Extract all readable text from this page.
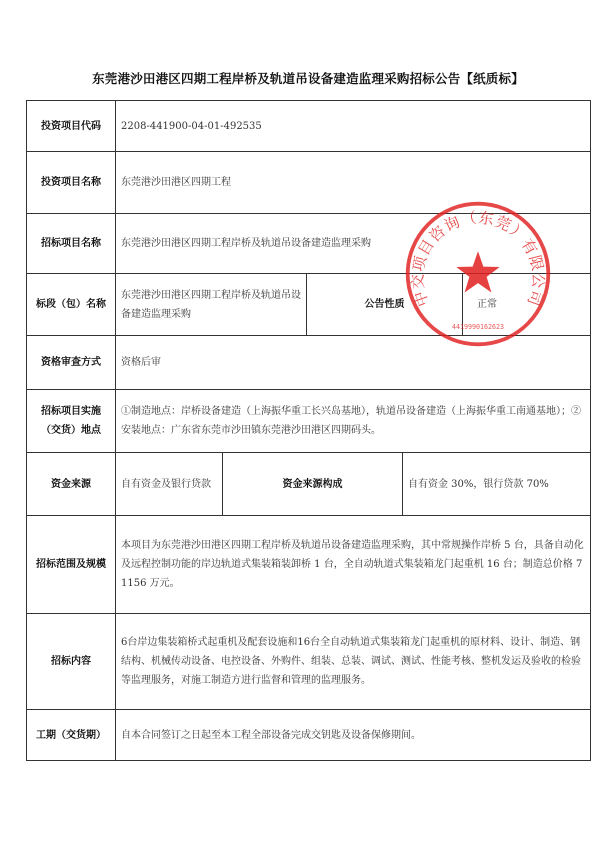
东莞港沙田港区四期工程岸桥及轨道吊设备建造监理采购招标公告【纸质标】
投资项目代码	2208-441900-04-01-492535				
投资项目名称	东莞港沙田港区四期工程				
招标项目名称	东莞港沙田港区四期工程岸桥及轨道吊设备建造监理采购				
标段（包）名称	东莞港沙田港区四期工程岸桥及轨道吊设备建造监理采购		公告性质		正常
资格审查方式	资格后审				
招标项目实施（交货）地点	①制造地点：岸桥设备建造（上海振华重工长兴岛基地），轨道吊设备建造（上海振华重工南通基地）；②安装地点：广东省东莞市沙田镇东莞港沙田港区四期码头。				
资金来源	自有资金及银行贷款	资金来源构成		自有资金 30%，银行贷款 70%	
招标范围及规模	本项目为东莞港沙田港区四期工程岸桥及轨道吊设备建造监理采购，其中常规操作岸桥 5 台，具备自动化及远程控制功能的岸边轨道式集装箱装卸桥 1 台，全自动轨道式集装箱龙门起重机 16 台；制造总价格 71156 万元。				
招标内容	6台岸边集装箱桥式起重机及配套设施和16台全自动轨道式集装箱龙门起重机的原材料、设计、制造、钢结构、机械传动设备、电控设备、外购件、组装、总装、调试、测试、性能考核、整机发运及验收的检验等监理服务，对施工制造方进行监督和管理的监理服务。				
工期（交货期）	自本合同签订之日起至本工程全部设备完成交钥匙及设备保修期间。				
中交项目咨询（东莞）有限公司
4419990162623
